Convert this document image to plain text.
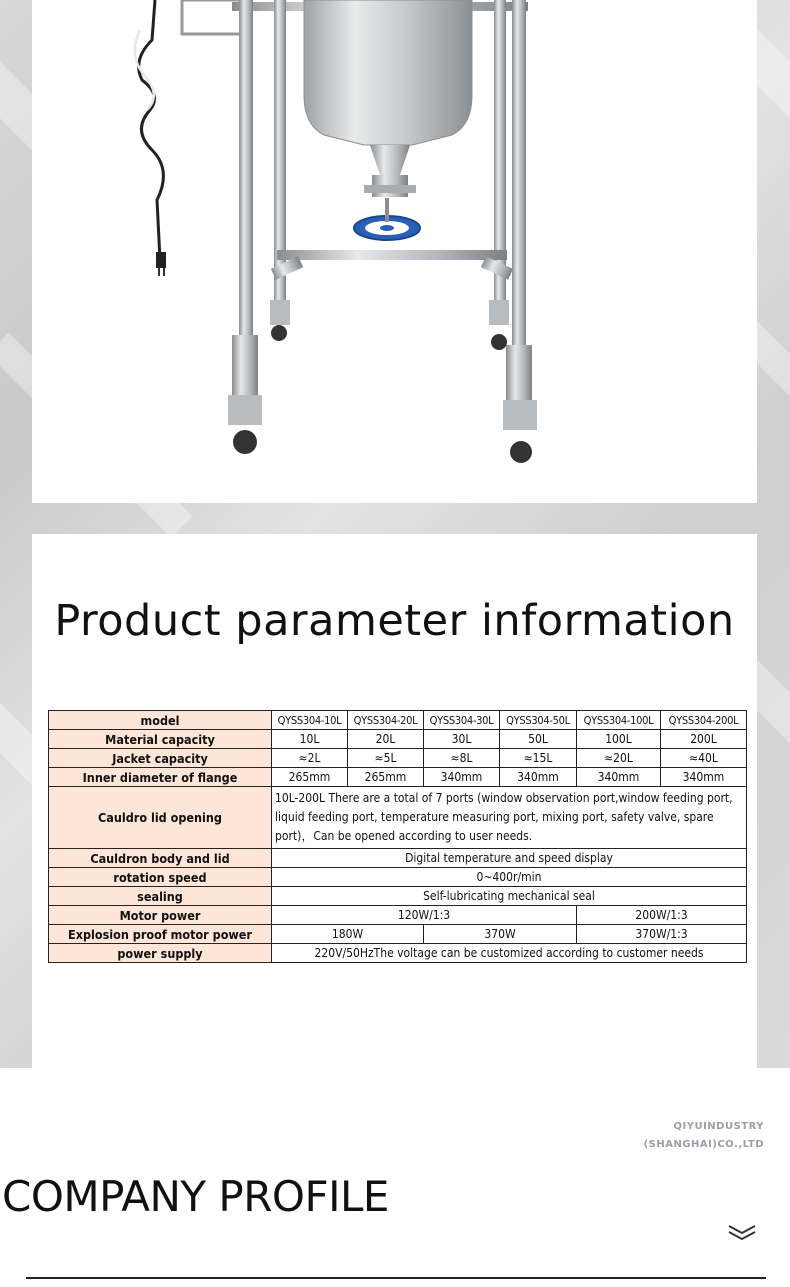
Product parameter information
model	QYSS304-10L	QYSS304-20L	QYSS304-30L	QYSS304-50L	QYSS304-100L	QYSS304-200L
Material capacity	10L	20L	30L	50L	100L	200L
Jacket capacity	≈2L	≈5L	≈8L	≈15L	≈20L	≈40L
Inner diameter of flange	265mm	265mm	340mm	340mm	340mm	340mm
Cauldro lid opening	10L-200L There are a total of 7 ports (window observation port,window feeding port, liquid feeding port, temperature measuring port, mixing port, safety valve, spare port)，Can be opened according to user needs.					
Cauldron body and lid	Digital temperature and speed display					
rotation speed	0~400r/min					
sealing	Self-lubricating mechanical seal					
Motor power	120W/1:3				200W/1:3	
Explosion proof motor power	180W		370W		370W/1:3	
power supply	220V/50HzThe voltage can be customized according to customer needs					
QIYUINDUSTRY
(SHANGHAI)CO.,LTD
COMPANY PROFILE
